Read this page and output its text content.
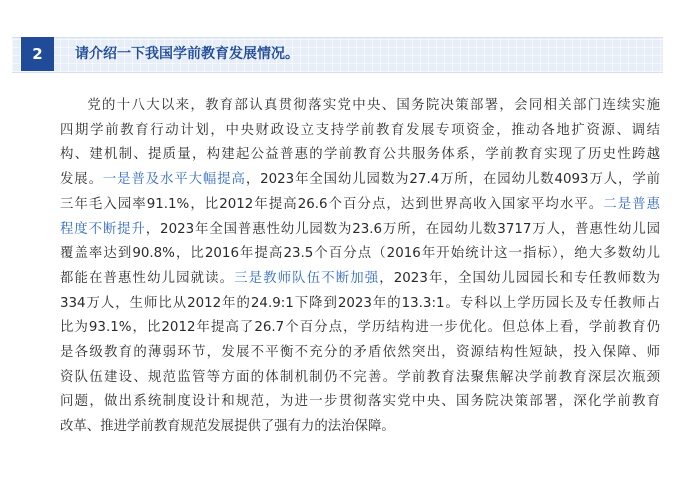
2	请介绍一下我国学前教育发展情况。
党的十八大以来，教育部认真贯彻落实党中央、国务院决策部署，会同相关部门连续实施
四期学前教育行动计划，中央财政设立支持学前教育发展专项资金，推动各地扩资源、调结
构、建机制、提质量，构建起公益普惠的学前教育公共服务体系，学前教育实现了历史性跨越
发展。一是普及水平大幅提高，2023年全国幼儿园数为27.4万所，在园幼儿数4093万人，学前
三年毛入园率91.1%，比2012年提高26.6个百分点，达到世界高收入国家平均水平。二是普惠
程度不断提升，2023年全国普惠性幼儿园数为23.6万所，在园幼儿数3717万人，普惠性幼儿园
覆盖率达到90.8%，比2016年提高23.5个百分点（2016年开始统计这一指标），绝大多数幼儿
都能在普惠性幼儿园就读。三是教师队伍不断加强，2023年，全国幼儿园园长和专任教师数为
334万人，生师比从2012年的24.9:1下降到2023年的13.3:1。专科以上学历园长及专任教师占
比为93.1%，比2012年提高了26.7个百分点，学历结构进一步优化。但总体上看，学前教育仍
是各级教育的薄弱环节，发展不平衡不充分的矛盾依然突出，资源结构性短缺，投入保障、师
资队伍建设、规范监管等方面的体制机制仍不完善。学前教育法聚焦解决学前教育深层次瓶颈
问题，做出系统制度设计和规范，为进一步贯彻落实党中央、国务院决策部署，深化学前教育
改革、推进学前教育规范发展提供了强有力的法治保障。
